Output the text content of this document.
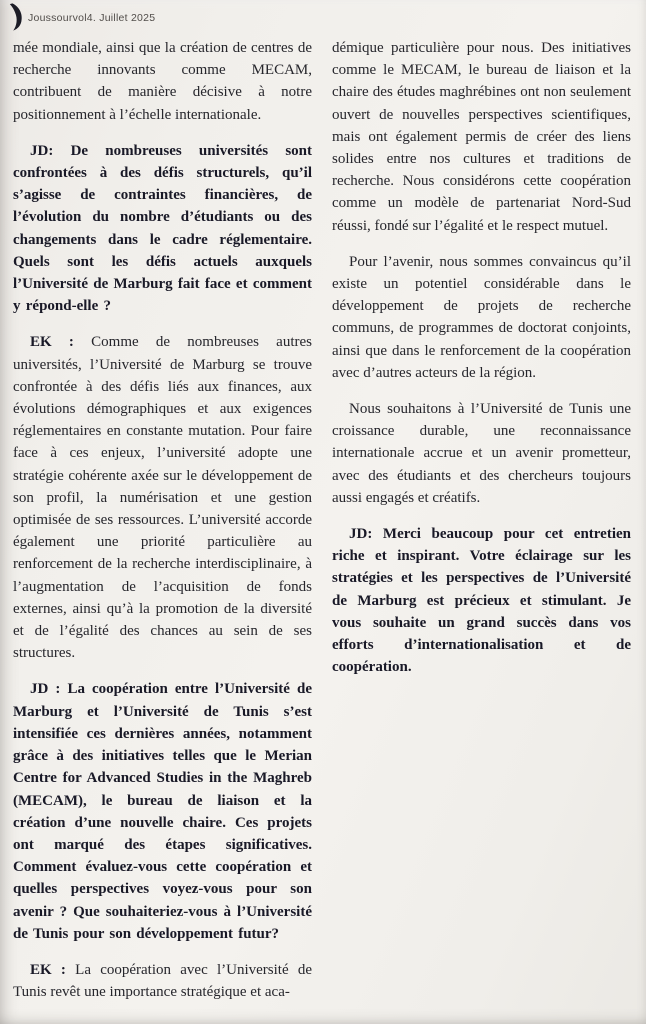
Joussourvol4. Juillet 2025

mée mondiale, ainsi que la création de centres de recherche innovants comme MECAM, contribuent de manière décisive à notre positionnement à l’échelle internationale.

JD: De nombreuses universités sont confrontées à des défis structurels, qu’il s’agisse de contraintes financières, de l’évolution du nombre d’étudiants ou des changements dans le cadre réglementaire. Quels sont les défis actuels auxquels l’Université de Marburg fait face et comment y répond-elle ?

EK : Comme de nombreuses autres universités, l’Université de Marburg se trouve confrontée à des défis liés aux finances, aux évolutions démographiques et aux exigences réglementaires en constante mutation. Pour faire face à ces enjeux, l’université adopte une stratégie cohérente axée sur le développement de son profil, la numérisation et une gestion optimisée de ses ressources. L’université accorde également une priorité particulière au renforcement de la recherche interdisciplinaire, à l’augmentation de l’acquisition de fonds externes, ainsi qu’à la promotion de la diversité et de l’égalité des chances au sein de ses structures.

JD : La coopération entre l’Université de Marburg et l’Université de Tunis s’est intensifiée ces dernières années, notamment grâce à des initiatives telles que le Merian Centre for Advanced Studies in the Maghreb (MECAM), le bureau de liaison et la création d’une nouvelle chaire. Ces projets ont marqué des étapes significatives. Comment évaluez-vous cette coopération et quelles perspectives voyez-vous pour son avenir ? Que souhaiteriez-vous à l’Université de Tunis pour son développement futur?

EK : La coopération avec l’Université de Tunis revêt une importance stratégique et aca-

démique particulière pour nous. Des initiatives comme le MECAM, le bureau de liaison et la chaire des études maghrébines ont non seulement ouvert de nouvelles perspectives scientifiques, mais ont également permis de créer des liens solides entre nos cultures et traditions de recherche. Nous considérons cette coopération comme un modèle de partenariat Nord-Sud réussi, fondé sur l’égalité et le respect mutuel.

Pour l’avenir, nous sommes convaincus qu’il existe un potentiel considérable dans le développement de projets de recherche communs, de programmes de doctorat conjoints, ainsi que dans le renforcement de la coopération avec d’autres acteurs de la région.

Nous souhaitons à l’Université de Tunis une croissance durable, une reconnaissance internationale accrue et un avenir prometteur, avec des étudiants et des chercheurs toujours aussi engagés et créatifs.

JD: Merci beaucoup pour cet entretien riche et inspirant. Votre éclairage sur les stratégies et les perspectives de l’Université de Marburg est précieux et stimulant. Je vous souhaite un grand succès dans vos efforts d’internationalisation et de coopération.
